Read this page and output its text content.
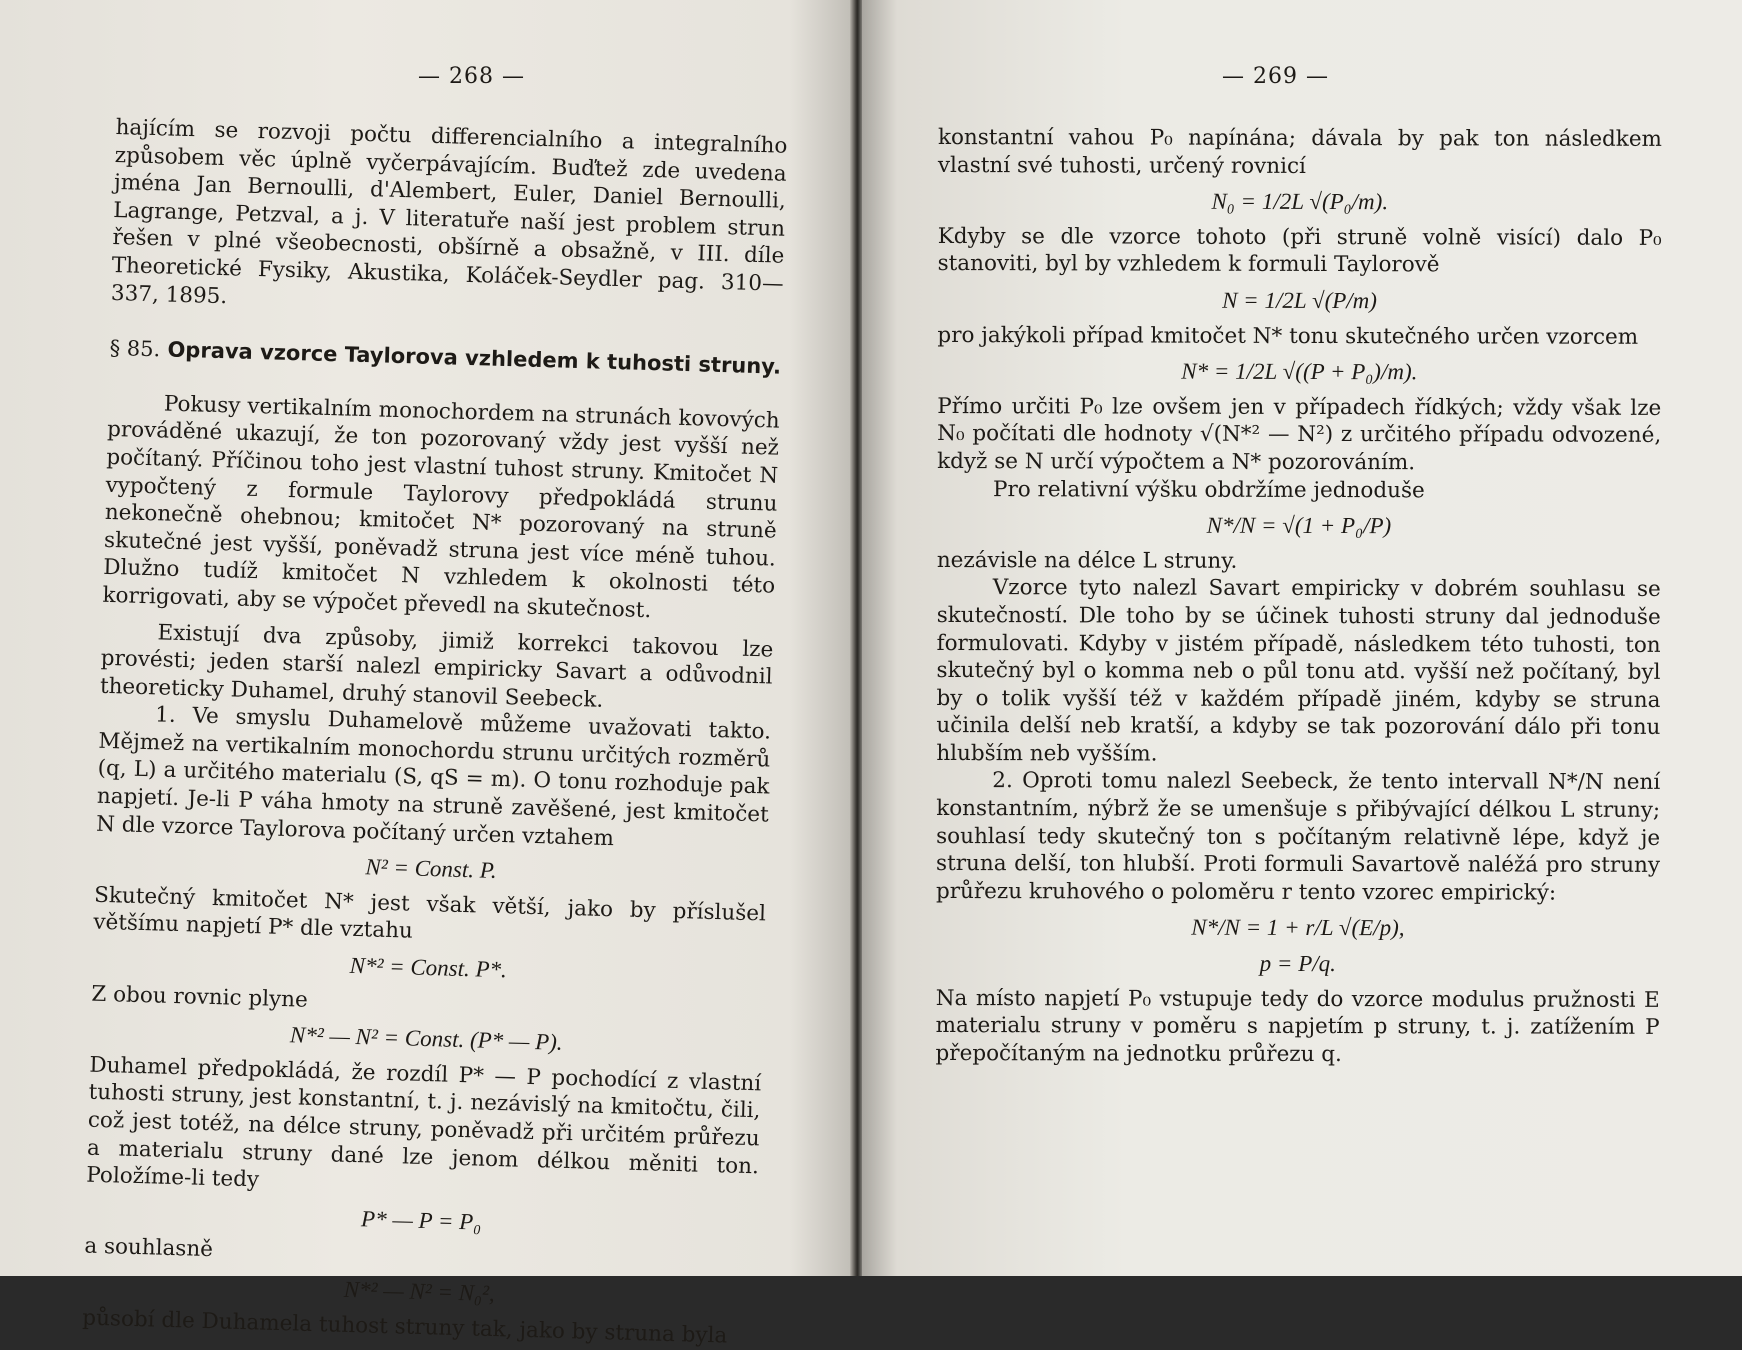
— 268 —

hajícím se rozvoji počtu differencialního a integralního způsobem věc úplně vyčerpávajícím. Buďtež zde uvedena jména Jan Bernoulli, d'Alembert, Euler, Daniel Bernoulli, Lagrange, Petzval, a j. V literatuře naší jest problem strun řešen v plné všeobecnosti, obšírně a obsažně, v III. díle Theoretické Fysiky, Akustika, Koláček-Seydler pag. 310—337, 1895.

§ 85. Oprava vzorce Taylorova vzhledem k tuhosti struny.

Pokusy vertikalním monochordem na strunách kovových prováděné ukazují, že ton pozorovaný vždy jest vyšší než počítaný. Příčinou toho jest vlastní tuhost struny. Kmitočet N vypočtený z formule Taylorovy předpokládá strunu nekonečně ohebnou; kmitočet N* pozorovaný na struně skutečné jest vyšší, poněvadž struna jest více méně tuhou. Dlužno tudíž kmitočet N vzhledem k okolnosti této korrigovati, aby se výpočet převedl na skutečnost.

Existují dva způsoby, jimiž korrekci takovou lze provésti; jeden starší nalezl empiricky Savart a odůvodnil theoreticky Duhamel, druhý stanovil Seebeck.

1. Ve smyslu Duhamelově můžeme uvažovati takto. Mějmež na vertikalním monochordu strunu určitých rozměrů (q, L) a určitého materialu (S, qS = m). O tonu rozhoduje pak napjetí. Je-li P váha hmoty na struně zavěšené, jest kmitočet N dle vzorce Taylorova počítaný určen vztahem

N² = Const. P.

Skutečný kmitočet N* jest však větší, jako by příslušel většímu napjetí P* dle vztahu

N*² = Const. P*.

Z obou rovnic plyne

N*² — N² = Const. (P* — P).

Duhamel předpokládá, že rozdíl P* — P pochodící z vlastní tuhosti struny, jest konstantní, t. j. nezávislý na kmitočtu, čili, což jest totéž, na délce struny, poněvadž při určitém průřezu a materialu struny dané lze jenom délkou měniti ton. Položíme-li tedy

P* — P = P₀

a souhlasně

N*² — N² = N₀²,

působí dle Duhamela tuhost struny tak, jako by struna byla

— 269 —

konstantní vahou P₀ napínána; dávala by pak ton následkem vlastní své tuhosti, určený rovnicí

N₀ = 1/2L √(P₀/m).

Kdyby se dle vzorce tohoto (při struně volně visící) dalo P₀ stanoviti, byl by vzhledem k formuli Taylorově

N = 1/2L √(P/m)

pro jakýkoli případ kmitočet N* tonu skutečného určen vzorcem

N* = 1/2L √((P + P₀)/m).

Přímo určiti P₀ lze ovšem jen v případech řídkých; vždy však lze N₀ počítati dle hodnoty √(N*² — N²) z určitého případu odvozené, když se N určí výpočtem a N* pozorováním.

Pro relativní výšku obdržíme jednoduše

N*/N = √(1 + P₀/P)

nezávisle na délce L struny.

Vzorce tyto nalezl Savart empiricky v dobrém souhlasu se skutečností. Dle toho by se účinek tuhosti struny dal jednoduše formulovati. Kdyby v jistém případě, následkem této tuhosti, ton skutečný byl o komma neb o půl tonu atd. vyšší než počítaný, byl by o tolik vyšší též v každém případě jiném, kdyby se struna učinila delší neb kratší, a kdyby se tak pozorování dálo při tonu hlubším neb vyšším.

2. Oproti tomu nalezl Seebeck, že tento intervall N*/N není konstantním, nýbrž že se umenšuje s přibývající délkou L struny; souhlasí tedy skutečný ton s počítaným relativně lépe, když je struna delší, ton hlubší. Proti formuli Savartově naléžá pro struny průřezu kruhového o poloměru r tento vzorec empirický:

N*/N = 1 + r/L √(E/p),
p = P/q.

Na místo napjetí P₀ vstupuje tedy do vzorce modulus pružnosti E materialu struny v poměru s napjetím p struny, t. j. zatížením P přepočítaným na jednotku průřezu q.
